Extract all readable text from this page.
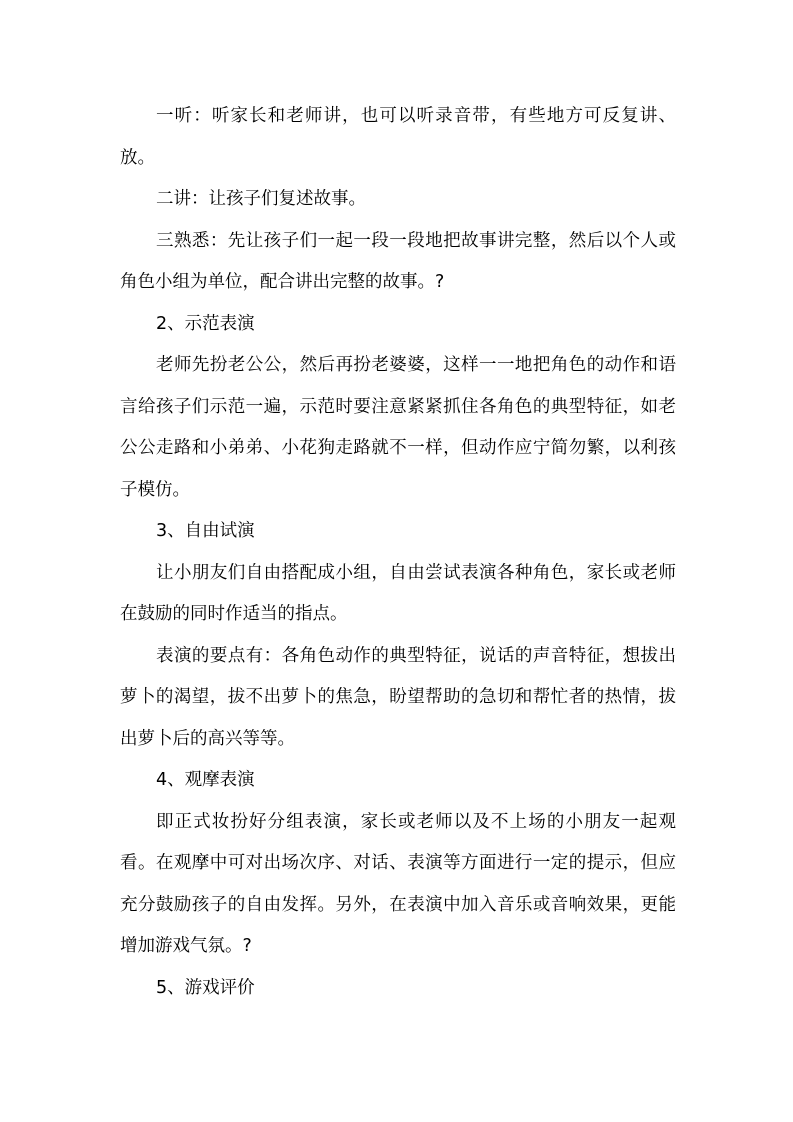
一听：听家长和老师讲，也可以听录音带，有些地方可反复讲、放。

二讲：让孩子们复述故事。

三熟悉：先让孩子们一起一段一段地把故事讲完整，然后以个人或角色小组为单位，配合讲出完整的故事。?

2、示范表演

老师先扮老公公，然后再扮老婆婆，这样一一地把角色的动作和语言给孩子们示范一遍，示范时要注意紧紧抓住各角色的典型特征，如老公公走路和小弟弟、小花狗走路就不一样，但动作应宁简勿繁，以利孩子模仿。

3、自由试演

让小朋友们自由搭配成小组，自由尝试表演各种角色，家长或老师在鼓励的同时作适当的指点。

表演的要点有：各角色动作的典型特征，说话的声音特征，想拔出萝卜的渴望，拔不出萝卜的焦急，盼望帮助的急切和帮忙者的热情，拔出萝卜后的高兴等等。

4、观摩表演

即正式妆扮好分组表演，家长或老师以及不上场的小朋友一起观看。在观摩中可对出场次序、对话、表演等方面进行一定的提示，但应充分鼓励孩子的自由发挥。另外，在表演中加入音乐或音响效果，更能增加游戏气氛。?

5、游戏评价
